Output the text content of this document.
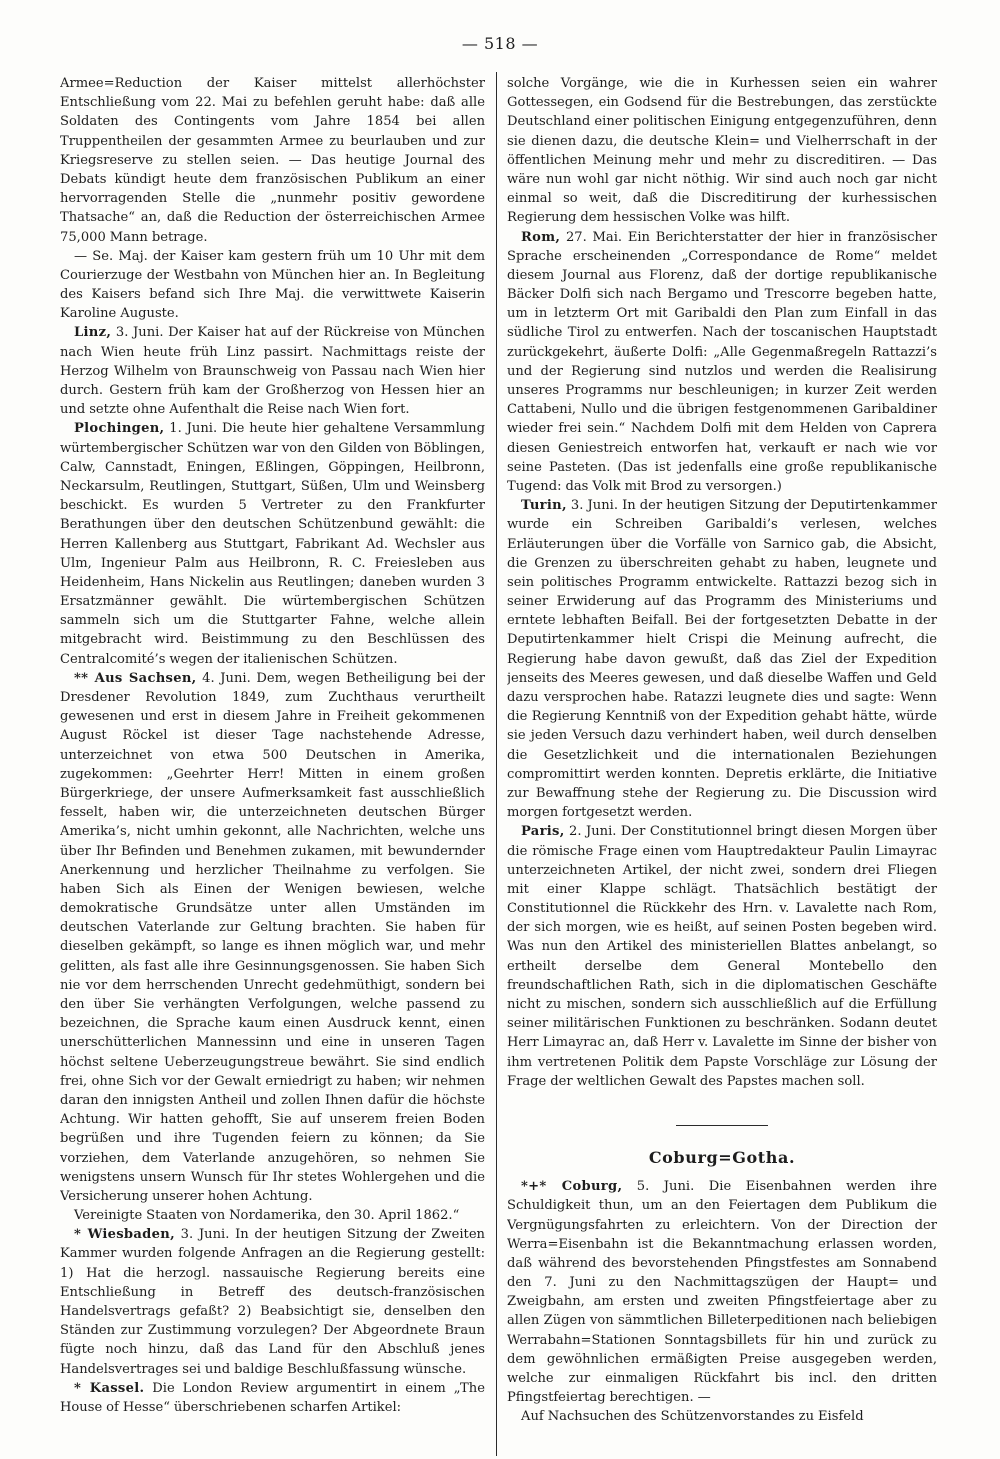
— 518 —

Armee=Reduction der Kaiser mittelst allerhöchster Entschließung vom 22. Mai zu befehlen geruht habe: daß alle Soldaten des Contingents vom Jahre 1854 bei allen Truppentheilen der gesammten Armee zu beurlauben und zur Kriegsreserve zu stellen seien. — Das heutige Journal des Debats kündigt heute dem französischen Publikum an einer hervorragenden Stelle die „nunmehr positiv gewordene Thatsache“ an, daß die Reduction der österreichischen Armee 75,000 Mann betrage.

— Se. Maj. der Kaiser kam gestern früh um 10 Uhr mit dem Courierzuge der Westbahn von München hier an. In Begleitung des Kaisers befand sich Ihre Maj. die verwittwete Kaiserin Karoline Auguste.

Linz, 3. Juni. Der Kaiser hat auf der Rückreise von München nach Wien heute früh Linz passirt. Nachmittags reiste der Herzog Wilhelm von Braunschweig von Passau nach Wien hier durch. Gestern früh kam der Großherzog von Hessen hier an und setzte ohne Aufenthalt die Reise nach Wien fort.

Plochingen, 1. Juni. Die heute hier gehaltene Versammlung würtembergischer Schützen war von den Gilden von Böblingen, Calw, Cannstadt, Eningen, Eßlingen, Göppingen, Heilbronn, Neckarsulm, Reutlingen, Stuttgart, Süßen, Ulm und Weinsberg beschickt. Es wurden 5 Vertreter zu den Frankfurter Berathungen über den deutschen Schützenbund gewählt: die Herren Kallenberg aus Stuttgart, Fabrikant Ad. Wechsler aus Ulm, Ingenieur Palm aus Heilbronn, R. C. Freiesleben aus Heidenheim, Hans Nickelin aus Reutlingen; daneben wurden 3 Ersatzmänner gewählt. Die würtembergischen Schützen sammeln sich um die Stuttgarter Fahne, welche allein mitgebracht wird. Beistimmung zu den Beschlüssen des Centralcomité’s wegen der italienischen Schützen.

** Aus Sachsen, 4. Juni. Dem, wegen Betheiligung bei der Dresdener Revolution 1849, zum Zuchthaus verurtheilt gewesenen und erst in diesem Jahre in Freiheit gekommenen August Röckel ist dieser Tage nachstehende Adresse, unterzeichnet von etwa 500 Deutschen in Amerika, zugekommen: „Geehrter Herr! Mitten in einem großen Bürgerkriege, der unsere Aufmerksamkeit fast ausschließlich fesselt, haben wir, die unterzeichneten deutschen Bürger Amerika’s, nicht umhin gekonnt, alle Nachrichten, welche uns über Ihr Befinden und Benehmen zukamen, mit bewundernder Anerkennung und herzlicher Theilnahme zu verfolgen. Sie haben Sich als Einen der Wenigen bewiesen, welche demokratische Grundsätze unter allen Umständen im deutschen Vaterlande zur Geltung brachten. Sie haben für dieselben gekämpft, so lange es ihnen möglich war, und mehr gelitten, als fast alle ihre Gesinnungsgenossen. Sie haben Sich nie vor dem herrschenden Unrecht gedehmüthigt, sondern bei den über Sie verhängten Verfolgungen, welche passend zu bezeichnen, die Sprache kaum einen Ausdruck kennt, einen unerschütterlichen Mannessinn und eine in unseren Tagen höchst seltene Ueberzeugungstreue bewährt. Sie sind endlich frei, ohne Sich vor der Gewalt erniedrigt zu haben; wir nehmen daran den innigsten Antheil und zollen Ihnen dafür die höchste Achtung. Wir hatten gehofft, Sie auf unserem freien Boden begrüßen und ihre Tugenden feiern zu können; da Sie vorziehen, dem Vaterlande anzugehören, so nehmen Sie wenigstens unsern Wunsch für Ihr stetes Wohlergehen und die Versicherung unserer hohen Achtung.

Vereinigte Staaten von Nordamerika, den 30. April 1862.“

* Wiesbaden, 3. Juni. In der heutigen Sitzung der Zweiten Kammer wurden folgende Anfragen an die Regierung gestellt: 1) Hat die herzogl. nassauische Regierung bereits eine Entschließung in Betreff des deutsch-französischen Handelsvertrags gefaßt? 2) Beabsichtigt sie, denselben den Ständen zur Zustimmung vorzulegen? Der Abgeordnete Braun fügte noch hinzu, daß das Land für den Abschluß jenes Handelsvertrages sei und baldige Beschlußfassung wünsche.

* Kassel. Die London Review argumentirt in einem „The House of Hesse“ überschriebenen scharfen Artikel:

solche Vorgänge, wie die in Kurhessen seien ein wahrer Gottessegen, ein Godsend für die Bestrebungen, das zerstückte Deutschland einer politischen Einigung entgegenzuführen, denn sie dienen dazu, die deutsche Klein= und Vielherrschaft in der öffentlichen Meinung mehr und mehr zu discreditiren. — Das wäre nun wohl gar nicht nöthig. Wir sind auch noch gar nicht einmal so weit, daß die Discreditirung der kurhessischen Regierung dem hessischen Volke was hilft.

Rom, 27. Mai. Ein Berichterstatter der hier in französischer Sprache erscheinenden „Correspondance de Rome“ meldet diesem Journal aus Florenz, daß der dortige republikanische Bäcker Dolfi sich nach Bergamo und Trescorre begeben hatte, um in letzterm Ort mit Garibaldi den Plan zum Einfall in das südliche Tirol zu entwerfen. Nach der toscanischen Hauptstadt zurückgekehrt, äußerte Dolfi: „Alle Gegenmaßregeln Rattazzi’s und der Regierung sind nutzlos und werden die Realisirung unseres Programms nur beschleunigen; in kurzer Zeit werden Cattabeni, Nullo und die übrigen festgenommenen Garibaldiner wieder frei sein.“ Nachdem Dolfi mit dem Helden von Caprera diesen Geniestreich entworfen hat, verkauft er nach wie vor seine Pasteten. (Das ist jedenfalls eine große republikanische Tugend: das Volk mit Brod zu versorgen.)

Turin, 3. Juni. In der heutigen Sitzung der Deputirtenkammer wurde ein Schreiben Garibaldi’s verlesen, welches Erläuterungen über die Vorfälle von Sarnico gab, die Absicht, die Grenzen zu überschreiten gehabt zu haben, leugnete und sein politisches Programm entwickelte. Rattazzi bezog sich in seiner Erwiderung auf das Programm des Ministeriums und erntete lebhaften Beifall. Bei der fortgesetzten Debatte in der Deputirtenkammer hielt Crispi die Meinung aufrecht, die Regierung habe davon gewußt, daß das Ziel der Expedition jenseits des Meeres gewesen, und daß dieselbe Waffen und Geld dazu versprochen habe. Ratazzi leugnete dies und sagte: Wenn die Regierung Kenntniß von der Expedition gehabt hätte, würde sie jeden Versuch dazu verhindert haben, weil durch denselben die Gesetzlichkeit und die internationalen Beziehungen compromittirt werden konnten. Depretis erklärte, die Initiative zur Bewaffnung stehe der Regierung zu. Die Discussion wird morgen fortgesetzt werden.

Paris, 2. Juni. Der Constitutionnel bringt diesen Morgen über die römische Frage einen vom Hauptredakteur Paulin Limayrac unterzeichneten Artikel, der nicht zwei, sondern drei Fliegen mit einer Klappe schlägt. Thatsächlich bestätigt der Constitutionnel die Rückkehr des Hrn. v. Lavalette nach Rom, der sich morgen, wie es heißt, auf seinen Posten begeben wird. Was nun den Artikel des ministeriellen Blattes anbelangt, so ertheilt derselbe dem General Montebello den freundschaftlichen Rath, sich in die diplomatischen Geschäfte nicht zu mischen, sondern sich ausschließlich auf die Erfüllung seiner militärischen Funktionen zu beschränken. Sodann deutet Herr Limayrac an, daß Herr v. Lavalette im Sinne der bisher von ihm vertretenen Politik dem Papste Vorschläge zur Lösung der Frage der weltlichen Gewalt des Papstes machen soll.

Coburg=Gotha.

*+* Coburg, 5. Juni. Die Eisenbahnen werden ihre Schuldigkeit thun, um an den Feiertagen dem Publikum die Vergnügungsfahrten zu erleichtern. Von der Direction der Werra=Eisenbahn ist die Bekanntmachung erlassen worden, daß während des bevorstehenden Pfingstfestes am Sonnabend den 7. Juni zu den Nachmittagszügen der Haupt= und Zweigbahn, am ersten und zweiten Pfingstfeiertage aber zu allen Zügen von sämmtlichen Billeterpeditionen nach beliebigen Werrabahn=Stationen Sonntagsbillets für hin und zurück zu dem gewöhnlichen ermäßigten Preise ausgegeben werden, welche zur einmaligen Rückfahrt bis incl. den dritten Pfingstfeiertag berechtigen. —

Auf Nachsuchen des Schützenvorstandes zu Eisfeld
